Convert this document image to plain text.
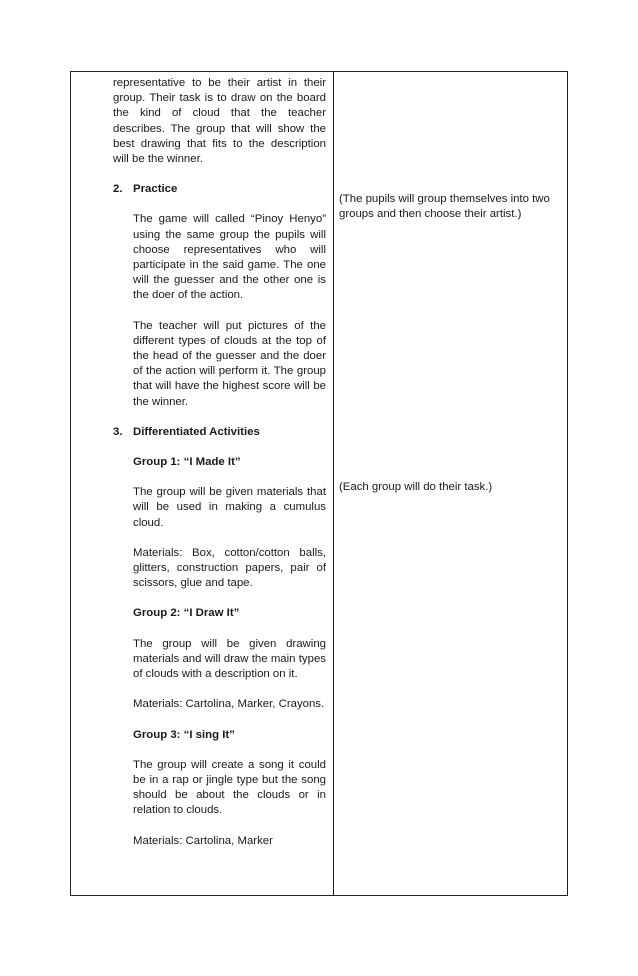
representative to be their artist in their group. Their task is to draw on the board the kind of cloud that the teacher describes. The group that will show the best drawing that fits to the description will be the winner.

2. Practice

The game will called “Pinoy Henyo” using the same group the pupils will choose representatives who will participate in the said game. The one will the guesser and the other one is the doer of the action.

The teacher will put pictures of the different types of clouds at the top of the head of the guesser and the doer of the action will perform it. The group that will have the highest score will be the winner.

3. Differentiated Activities

Group 1: “I Made It”

The group will be given materials that will be used in making a cumulus cloud.

Materials: Box, cotton/cotton balls, glitters, construction papers, pair of scissors, glue and tape.

Group 2: “I Draw It”

The group will be given drawing materials and will draw the main types of clouds with a description on it.

Materials: Cartolina, Marker, Crayons.

Group 3: “I sing It”

The group will create a song it could be in a rap or jingle type but the song should be about the clouds or in relation to clouds.

Materials: Cartolina, Marker

(The pupils will group themselves into two groups and then choose their artist.)

(Each group will do their task.)
